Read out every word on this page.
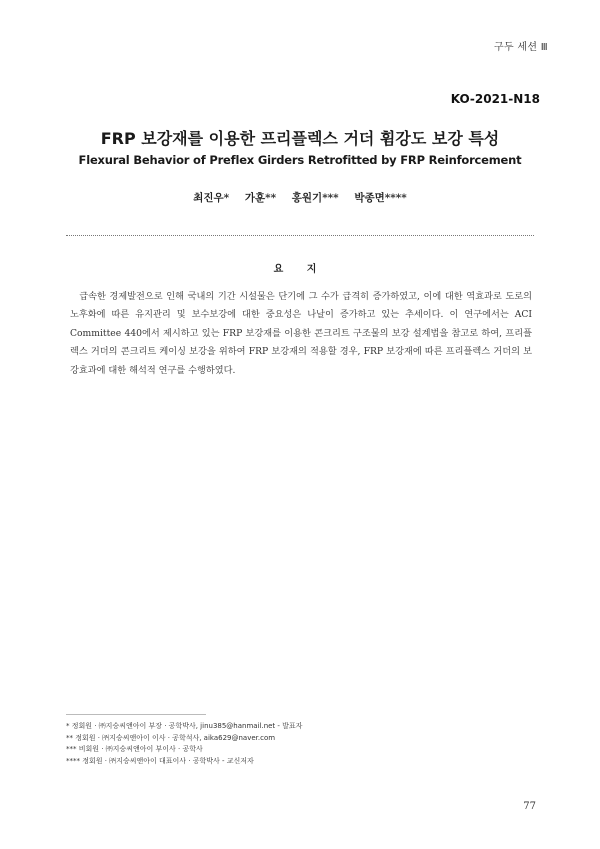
구두 세션 Ⅲ
KO-2021-N18
FRP 보강재를 이용한 프리플렉스 거더 휨강도 보강 특성
Flexural Behavior of Preflex Girders Retrofitted by FRP Reinforcement
최진우* 가훈** 홍원기*** 박종면****
요 지
급속한 경제발전으로 인해 국내의 기간 시설물은 단기에 그 수가 급격히 증가하였고, 이에 대한 역효과로 도로의 노후화에 따른 유지관리 및 보수보강에 대한 중요성은 나날이 증가하고 있는 추세이다. 이 연구에서는 ACI Committee 440에서 제시하고 있는 FRP 보강재를 이용한 콘크리트 구조물의 보강 설계법을 참고로 하여, 프리플렉스 거더의 콘크리트 케이싱 보강을 위하여 FRP 보강재의 적용할 경우, FRP 보강재에 따른 프리플렉스 거더의 보강효과에 대한 해석적 연구를 수행하였다.
* 정회원 · ㈜지승씨앤아이 부장 · 공학박사, jinu385@hanmail.net - 발표자
** 정회원 · ㈜지승씨앤아이 이사 · 공학석사, aika629@naver.com
*** 비회원 · ㈜지승씨앤아이 부이사 · 공학사
**** 정회원 · ㈜지승씨앤아이 대표이사 · 공학박사 - 교신저자
77
